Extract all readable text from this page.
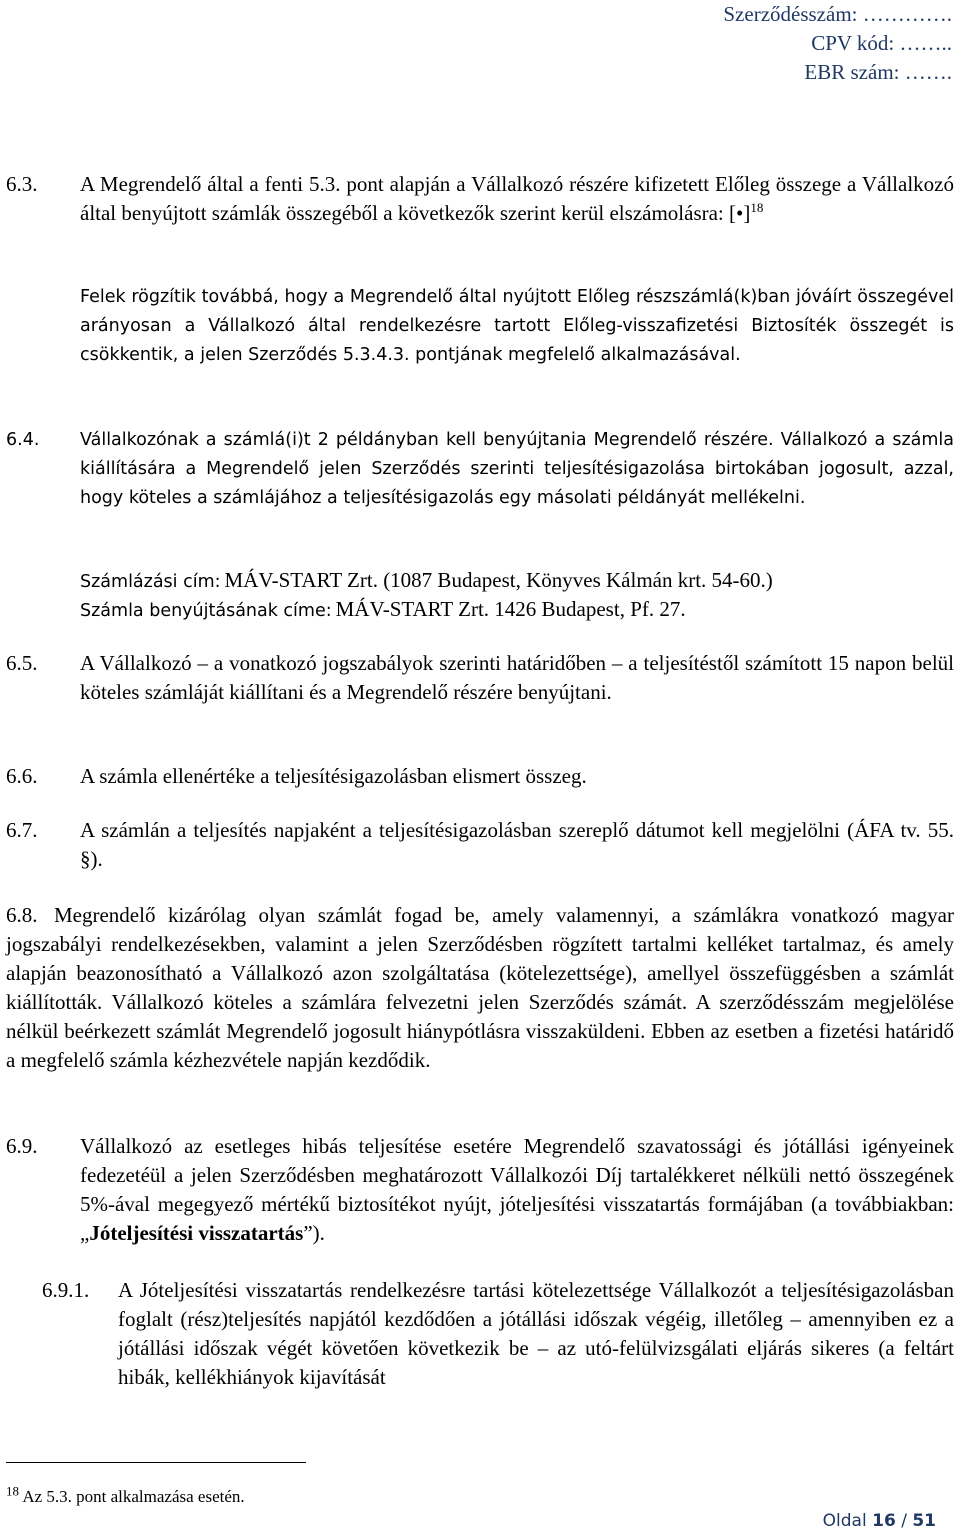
Szerződésszám: ………….
CPV kód: ……..
EBR szám: …….
6.3. A Megrendelő által a fenti 5.3. pont alapján a Vállalkozó részére kifizetett Előleg összege a Vállalkozó által benyújtott számlák összegéből a következők szerint kerül elszámolásra: [•]$^{18}$
Felek rögzítik továbbá, hogy a Megrendelő által nyújtott Előleg részszámlá(k)ban jóváírt összegével arányosan a Vállalkozó által rendelkezésre tartott Előleg-visszafizetési Biztosíték összegét is csökkentik, a jelen Szerződés 5.3.4.3. pontjának megfelelő alkalmazásával.
6.4. Vállalkozónak a számlá(i)t 2 példányban kell benyújtania Megrendelő részére. Vállalkozó a számla kiállítására a Megrendelő jelen Szerződés szerinti teljesítésigazolása birtokában jogosult, azzal, hogy köteles a számlájához a teljesítésigazolás egy másolati példányát mellékelni.
Számlázási cím: MÁV-START Zrt. (1087 Budapest, Könyves Kálmán krt. 54-60.)
Számla benyújtásának címe: MÁV-START Zrt. 1426 Budapest, Pf. 27.
6.5. A Vállalkozó – a vonatkozó jogszabályok szerinti határidőben – a teljesítéstől számított 15 napon belül köteles számláját kiállítani és a Megrendelő részére benyújtani.
6.6. A számla ellenértéke a teljesítésigazolásban elismert összeg.
6.7. A számlán a teljesítés napjaként a teljesítésigazolásban szereplő dátumot kell megjelölni (ÁFA tv. 55. §).
6.8. Megrendelő kizárólag olyan számlát fogad be, amely valamennyi, a számlákra vonatkozó magyar jogszabályi rendelkezésekben, valamint a jelen Szerződésben rögzített tartalmi kelléket tartalmaz, és amely alapján beazonosítható a Vállalkozó azon szolgáltatása (kötelezettsége), amellyel összefüggésben a számlát kiállították. Vállalkozó köteles a számlára felvezetni jelen Szerződés számát. A szerződésszám megjelölése nélkül beérkezett számlát Megrendelő jogosult hiánypótlásra visszaküldeni. Ebben az esetben a fizetési határidő a megfelelő számla kézhezvétele napján kezdődik.
6.9. Vállalkozó az esetleges hibás teljesítése esetére Megrendelő szavatossági és jótállási igényeinek fedezetéül a jelen Szerződésben meghatározott Vállalkozói Díj tartalékkeret nélküli nettó összegének 5%-ával megegyező mértékű biztosítékot nyújt, jóteljesítési visszatartás formájában (a továbbiakban: „Jóteljesítési visszatartás”).
6.9.1. A Jóteljesítési visszatartás rendelkezésre tartási kötelezettsége Vállalkozót a teljesítésigazolásban foglalt (rész)teljesítés napjától kezdődően a jótállási időszak végéig, illetőleg – amennyiben ez a jótállási időszak végét követően következik be – az utó-felülvizsgálati eljárás sikeres (a feltárt hibák, kellékhiányok kijavítását
$^{18}$ Az 5.3. pont alkalmazása esetén.
Oldal 16 / 51
